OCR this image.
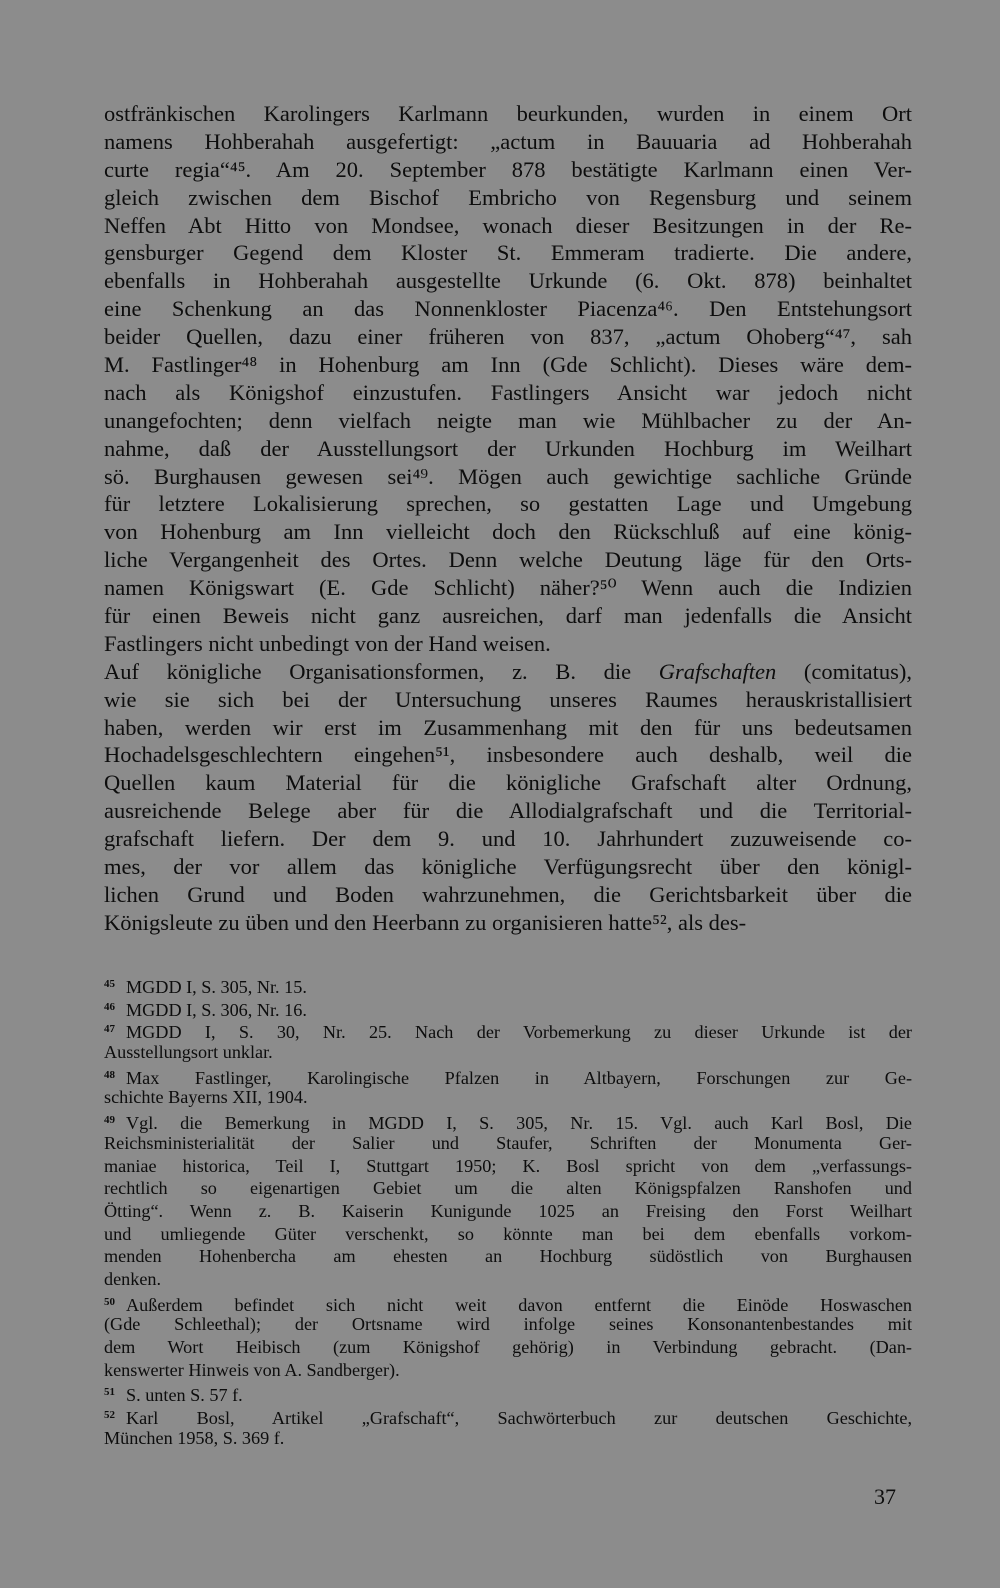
ostfränkischen Karolingers Karlmann beurkunden, wurden in einem Ort
namens Hohberahah ausgefertigt: „actum in Bauuaria ad Hohberahah
curte regia“⁴⁵. Am 20. September 878 bestätigte Karlmann einen Ver-
gleich zwischen dem Bischof Embricho von Regensburg und seinem
Neffen Abt Hitto von Mondsee, wonach dieser Besitzungen in der Re-
gensburger Gegend dem Kloster St. Emmeram tradierte. Die andere,
ebenfalls in Hohberahah ausgestellte Urkunde (6. Okt. 878) beinhaltet
eine Schenkung an das Nonnenkloster Piacenza⁴⁶. Den Entstehungsort
beider Quellen, dazu einer früheren von 837, „actum Ohoberg“⁴⁷, sah
M. Fastlinger⁴⁸ in Hohenburg am Inn (Gde Schlicht). Dieses wäre dem-
nach als Königshof einzustufen. Fastlingers Ansicht war jedoch nicht
unangefochten; denn vielfach neigte man wie Mühlbacher zu der An-
nahme, daß der Ausstellungsort der Urkunden Hochburg im Weilhart
sö. Burghausen gewesen sei⁴⁹. Mögen auch gewichtige sachliche Gründe
für letztere Lokalisierung sprechen, so gestatten Lage und Umgebung
von Hohenburg am Inn vielleicht doch den Rückschluß auf eine könig-
liche Vergangenheit des Ortes. Denn welche Deutung läge für den Orts-
namen Königswart (E. Gde Schlicht) näher?⁵⁰ Wenn auch die Indizien
für einen Beweis nicht ganz ausreichen, darf man jedenfalls die Ansicht
Fastlingers nicht unbedingt von der Hand weisen.
Auf königliche Organisationsformen, z. B. die Grafschaften (comitatus),
wie sie sich bei der Untersuchung unseres Raumes herauskristallisiert
haben, werden wir erst im Zusammenhang mit den für uns bedeutsamen
Hochadelsgeschlechtern eingehen⁵¹, insbesondere auch deshalb, weil die
Quellen kaum Material für die königliche Grafschaft alter Ordnung,
ausreichende Belege aber für die Allodialgrafschaft und die Territorial-
grafschaft liefern. Der dem 9. und 10. Jahrhundert zuzuweisende co-
mes, der vor allem das königliche Verfügungsrecht über den königl-
lichen Grund und Boden wahrzunehmen, die Gerichtsbarkeit über die
Königsleute zu üben und den Heerbann zu organisieren hatte⁵², als des-
45 MGDD I, S. 305, Nr. 15.
46 MGDD I, S. 306, Nr. 16.
47 MGDD I, S. 30, Nr. 25. Nach der Vorbemerkung zu dieser Urkunde ist der
Ausstellungsort unklar.
48 Max Fastlinger, Karolingische Pfalzen in Altbayern, Forschungen zur Ge-
schichte Bayerns XII, 1904.
49 Vgl. die Bemerkung in MGDD I, S. 305, Nr. 15. Vgl. auch Karl Bosl, Die
Reichsministerialität der Salier und Staufer, Schriften der Monumenta Ger-
maniae historica, Teil I, Stuttgart 1950; K. Bosl spricht von dem „verfassungs-
rechtlich so eigenartigen Gebiet um die alten Königspfalzen Ranshofen und
Ötting“. Wenn z. B. Kaiserin Kunigunde 1025 an Freising den Forst Weilhart
und umliegende Güter verschenkt, so könnte man bei dem ebenfalls vorkom-
menden Hohenbercha am ehesten an Hochburg südöstlich von Burghausen
denken.
50 Außerdem befindet sich nicht weit davon entfernt die Einöde Hoswaschen
(Gde Schleethal); der Ortsname wird infolge seines Konsonantenbestandes mit
dem Wort Heibisch (zum Königshof gehörig) in Verbindung gebracht. (Dan-
kenswerter Hinweis von A. Sandberger).
51 S. unten S. 57 f.
52 Karl Bosl, Artikel „Grafschaft“, Sachwörterbuch zur deutschen Geschichte,
München 1958, S. 369 f.
37
